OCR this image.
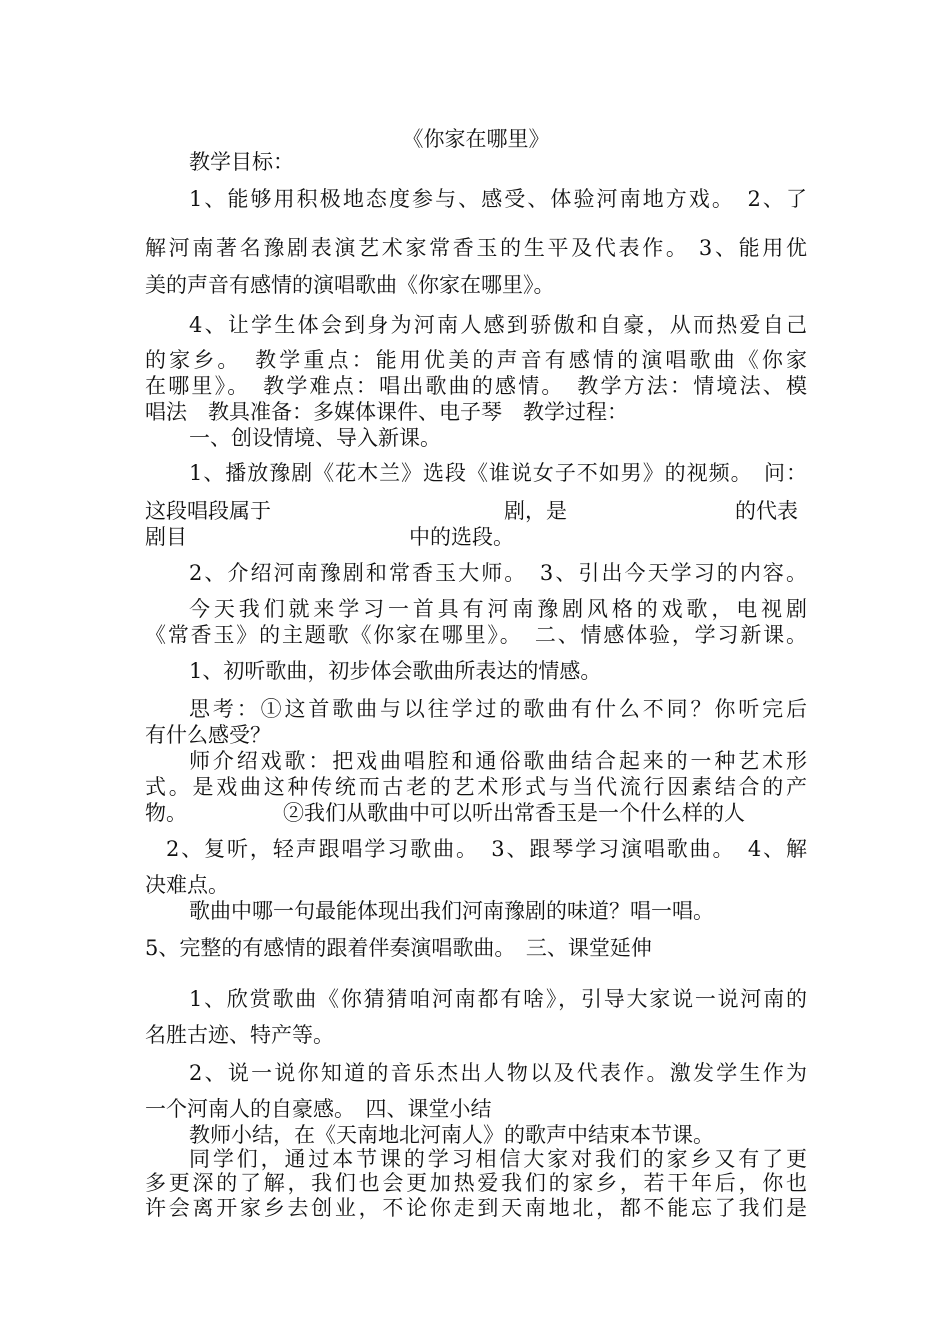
《你家在哪里》
教学目标：
1、能够用积极地态度参与、感受、体验河南地方戏。　2、了
解河南著名豫剧表演艺术家常香玉的生平及代表作。 3、能用优
美的声音有感情的演唱歌曲《你家在哪里》。
4、让学生体会到身为河南人感到骄傲和自豪，从而热爱自己
的家乡。　教学重点：能用优美的声音有感情的演唱歌曲《你家
在哪里》。　教学难点：唱出歌曲的感情。　教学方法：情境法、模
唱法　教具准备：多媒体课件、电子琴　教学过程：
一、创设情境、导入新课。
1、播放豫剧《花木兰》选段《谁说女子不如男》的视频。　问：
这段唱段属于	剧，是	的代表
剧目	中的选段。
2、介绍河南豫剧和常香玉大师。　3、引出今天学习的内容。
今天我们就来学习一首具有河南豫剧风格的戏歌，电视剧
《常香玉》的主题歌《你家在哪里》。　二、情感体验，学习新课。
1、初听歌曲，初步体会歌曲所表达的情感。
思考：①这首歌曲与以往学过的歌曲有什么不同？你听完后
有什么感受？
师介绍戏歌：把戏曲唱腔和通俗歌曲结合起来的一种艺术形
式。是戏曲这种传统而古老的艺术形式与当代流行因素结合的产
物。	②我们从歌曲中可以听出常香玉是一个什么样的人
2、复听，轻声跟唱学习歌曲。　3、跟琴学习演唱歌曲。　4、解
决难点。
歌曲中哪一句最能体现出我们河南豫剧的味道？唱一唱。
5、完整的有感情的跟着伴奏演唱歌曲。　三、课堂延伸
1、欣赏歌曲《你猜猜咱河南都有啥》，引导大家说一说河南的
名胜古迹、特产等。
2、说一说你知道的音乐杰出人物以及代表作。激发学生作为
一个河南人的自豪感。　四、课堂小结
教师小结，在《天南地北河南人》的歌声中结束本节课。
同学们，通过本节课的学习相信大家对我们的家乡又有了更
多更深的了解，我们也会更加热爱我们的家乡，若干年后，你也
许会离开家乡去创业，不论你走到天南地北，都不能忘了我们是
